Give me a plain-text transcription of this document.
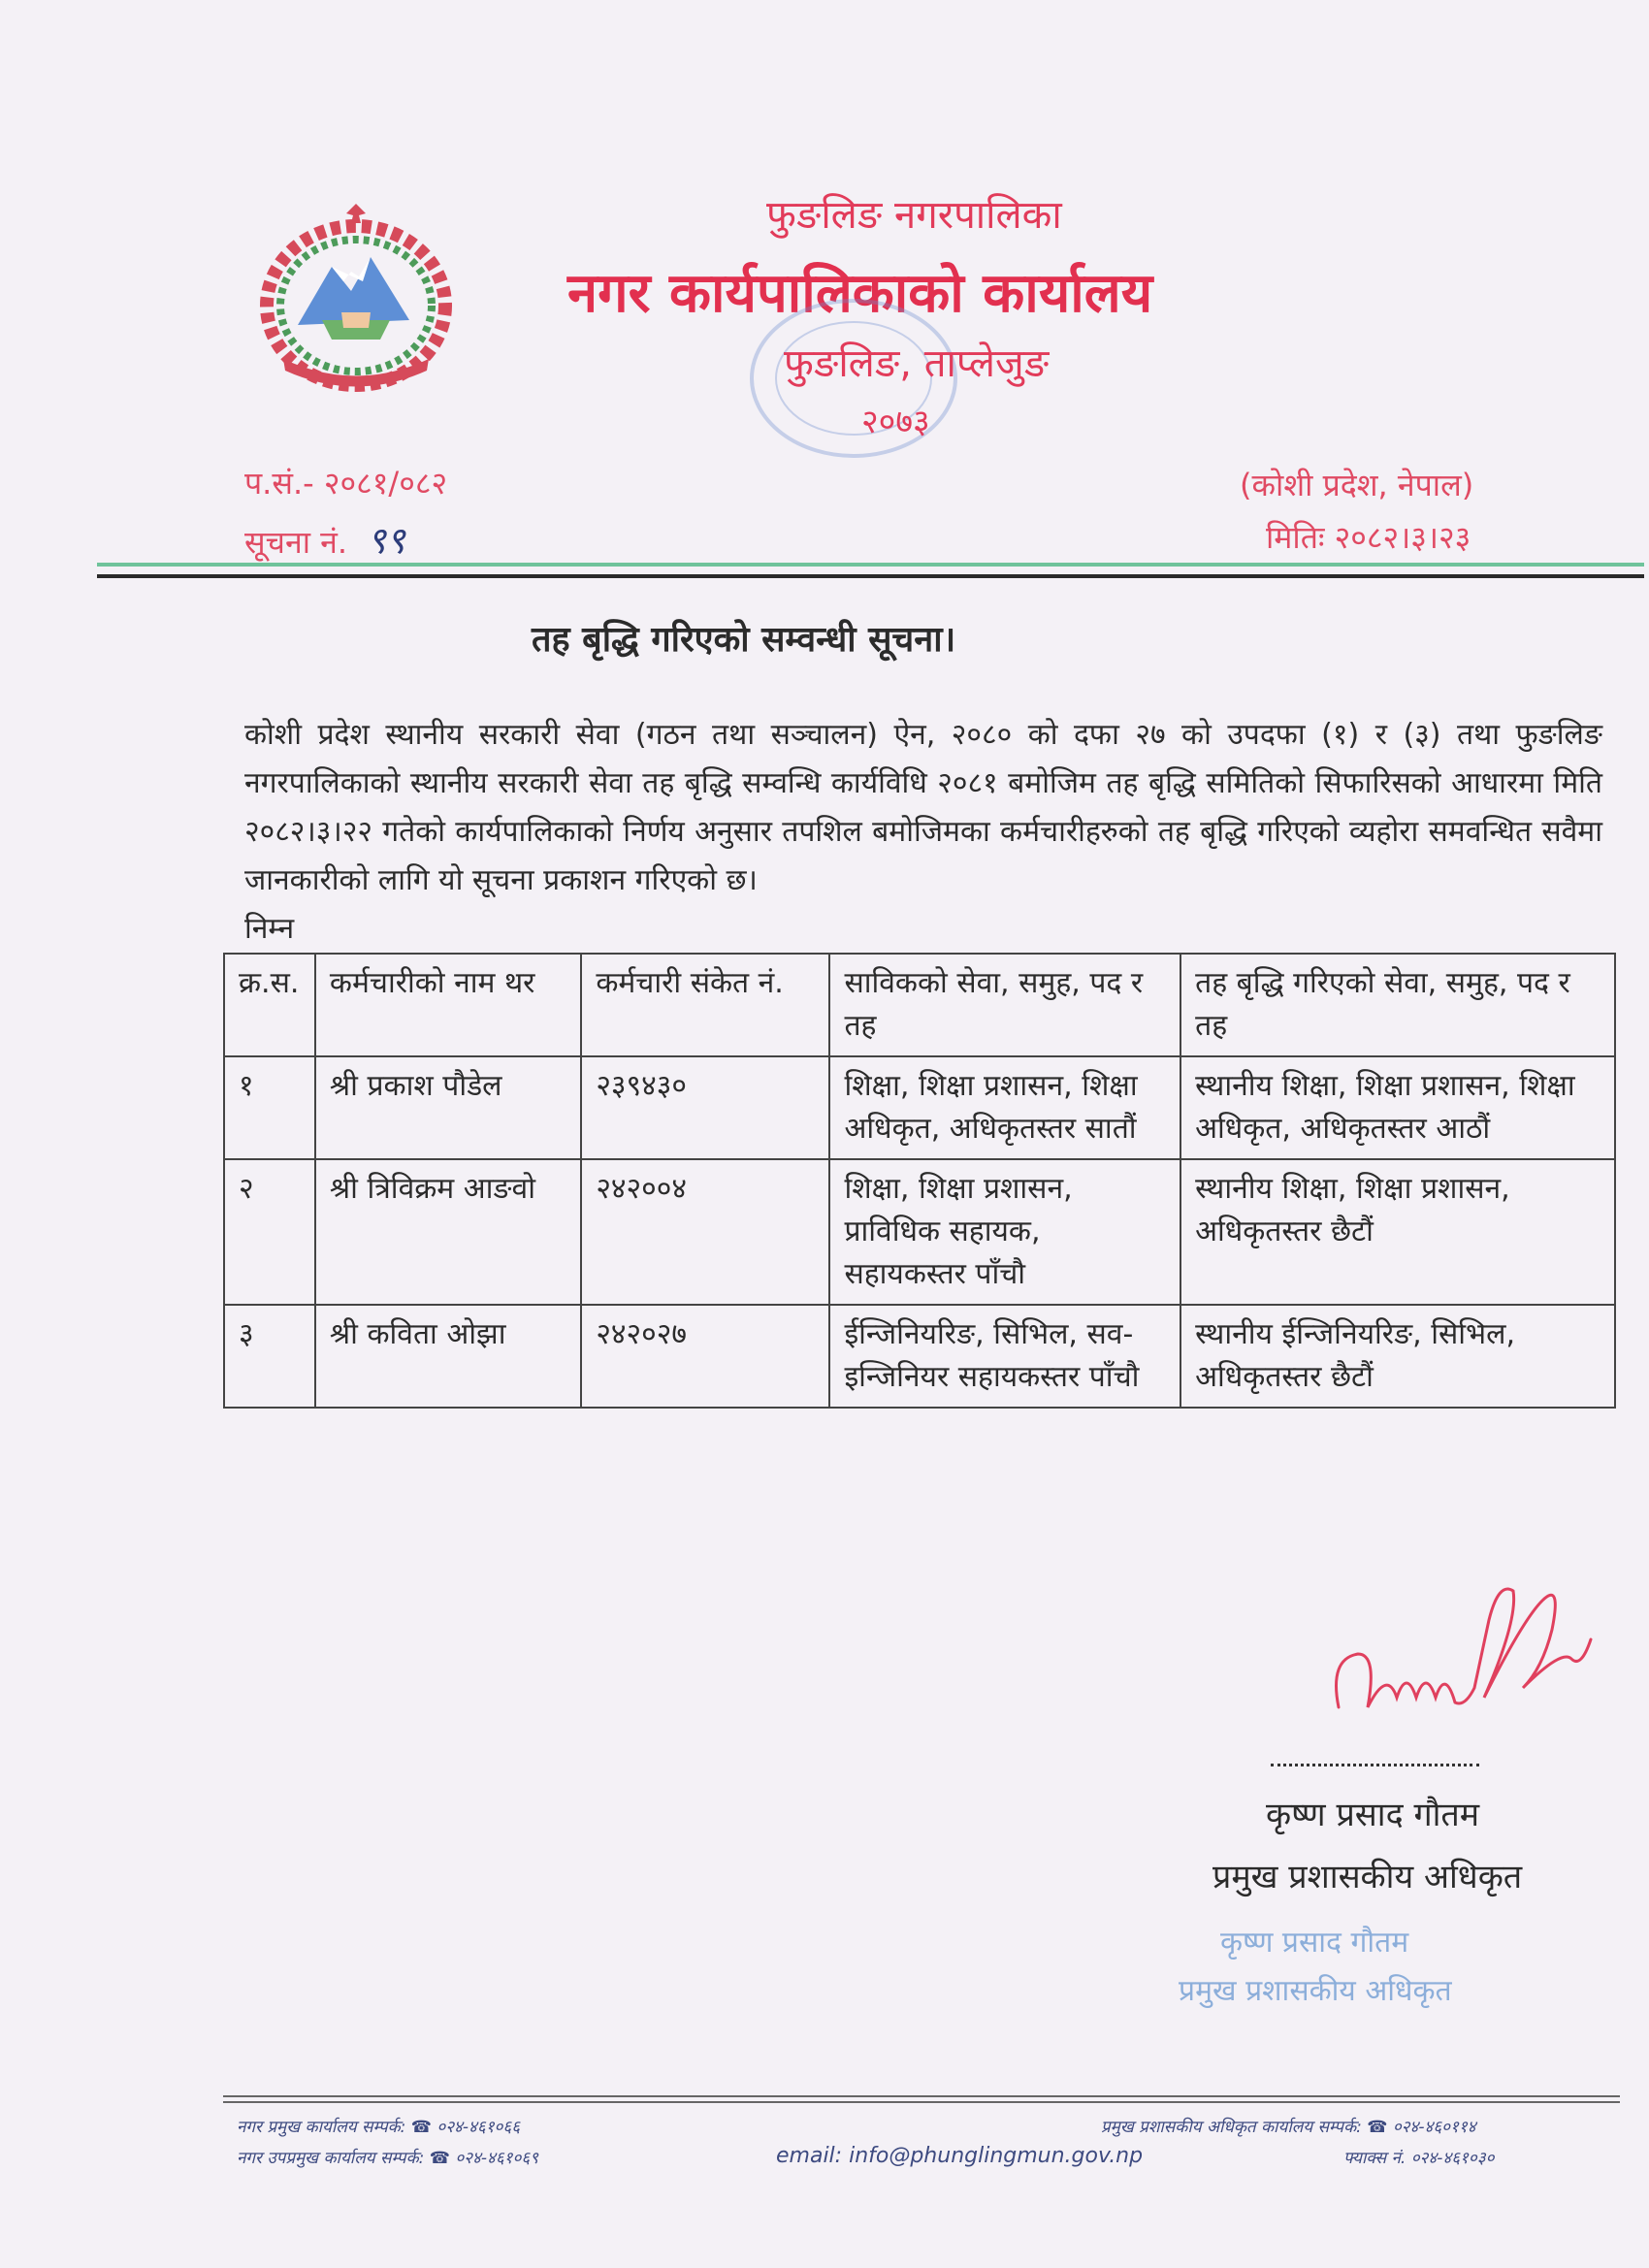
फुङलिङ नगरपालिका
नगर कार्यपालिकाको कार्यालय
फुङलिङ, ताप्लेजुङ
२०७३
प.सं.- २०८१/०८२
सूचना नं. ९९
(कोशी प्रदेश, नेपाल)
मितिः २०८२।३।२३
तह बृद्धि गरिएको सम्वन्धी सूचना।
कोशी प्रदेश स्थानीय सरकारी सेवा (गठन तथा सञ्चालन) ऐन, २०८० को दफा २७ को उपदफा (१) र (३) तथा फुङलिङ नगरपालिकाको स्थानीय सरकारी सेवा तह बृद्धि सम्वन्धि कार्यविधि २०८१ बमोजिम तह बृद्धि समितिको सिफारिसको आधारमा मिति २०८२।३।२२ गतेको कार्यपालिकाको निर्णय अनुसार तपशिल बमोजिमका कर्मचारीहरुको तह बृद्धि गरिएको व्यहोरा समवन्धित सवैमा जानकारीको लागि यो सूचना प्रकाशन गरिएको छ।
निम्न
क्र.स.	कर्मचारीको नाम थर	कर्मचारी संकेत नं.	साविकको सेवा, समुह, पद र तह	तह बृद्धि गरिएको सेवा, समुह, पद र तह
१	श्री प्रकाश पौडेल	२३९४३०	शिक्षा, शिक्षा प्रशासन, शिक्षा अधिकृत, अधिकृतस्तर सातौं	स्थानीय शिक्षा, शिक्षा प्रशासन, शिक्षा अधिकृत, अधिकृतस्तर आठौं
२	श्री त्रिविक्रम आङवो	२४२००४	शिक्षा, शिक्षा प्रशासन, प्राविधिक सहायक, सहायकस्तर पाँचौ	स्थानीय शिक्षा, शिक्षा प्रशासन, अधिकृतस्तर छैटौं
३	श्री कविता ओझा	२४२०२७	ईन्जिनियरिङ, सिभिल, सव-इन्जिनियर सहायकस्तर पाँचौ	स्थानीय ईन्जिनियरिङ, सिभिल, अधिकृतस्तर छैटौं
कृष्ण प्रसाद गौतम
प्रमुख प्रशासकीय अधिकृत
कृष्ण प्रसाद गौतम
प्रमुख प्रशासकीय अधिकृत
नगर प्रमुख कार्यालय सम्पर्क: ☎ ०२४-४६१०६६
नगर उपप्रमुख कार्यालय सम्पर्क: ☎ ०२४-४६१०६९	email: info@phunglingmun.gov.np
प्रमुख प्रशासकीय अधिकृत कार्यालय सम्पर्क: ☎ ०२४-४६०११४
फ्याक्स नं. ०२४-४६१०३०
